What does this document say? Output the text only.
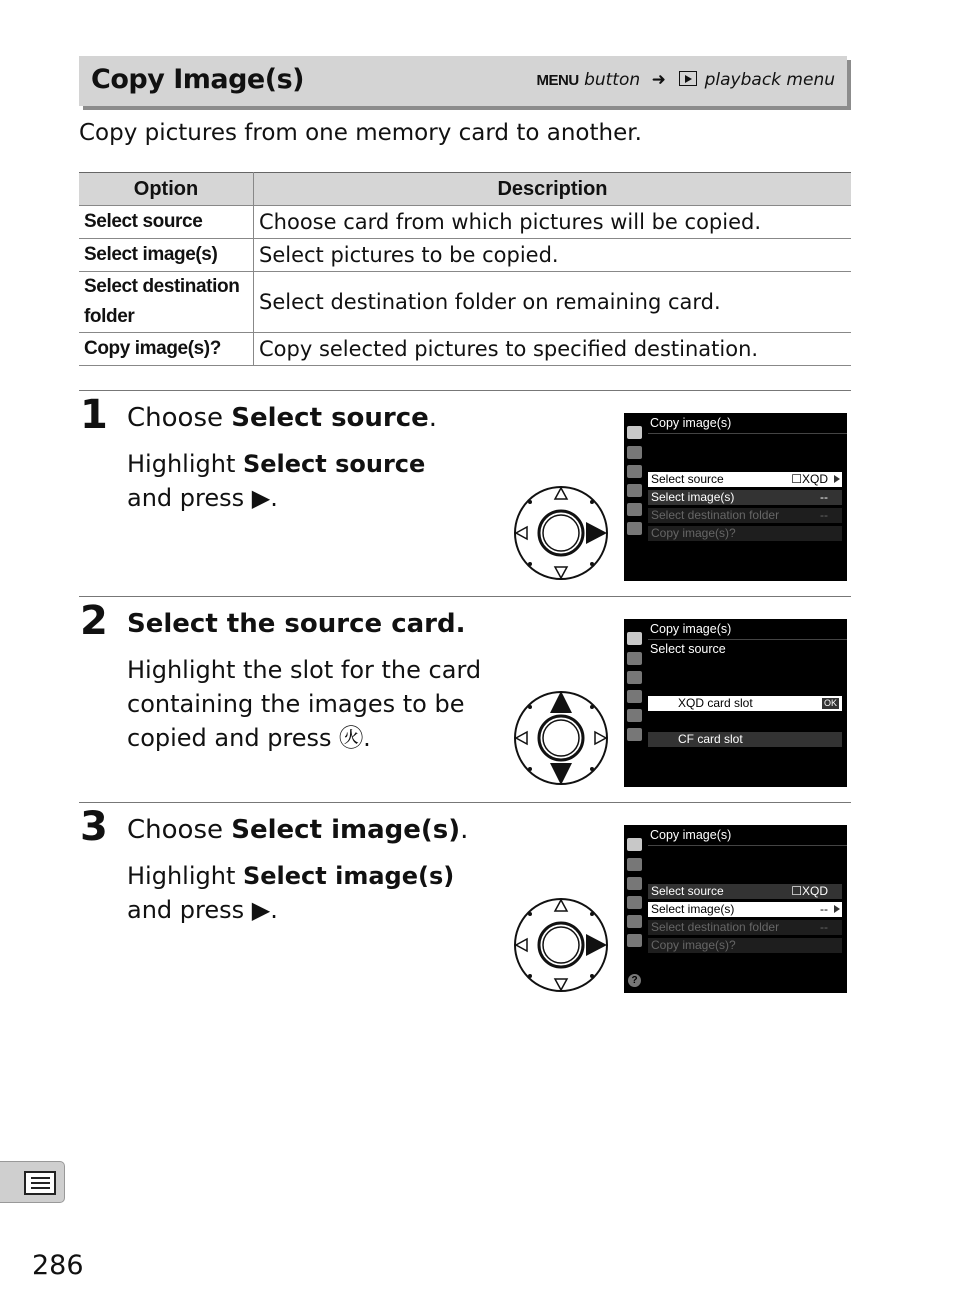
Copy Image(s)	MENU button ➜ playback menu
Copy pictures from one memory card to another.
Option	Description
Select source	Choose card from which pictures will be copied.
Select image(s)	Select pictures to be copied.
Select destination folder	Select destination folder on remaining card.
Copy image(s)?	Copy selected pictures to specified destination.
1 Choose Select source.
Highlight Select source and press ▶.
Copy image(s)
Select source	☐XQD
Select image(s)	--
Select destination folder	--
Copy image(s)?
2 Select the source card.
Highlight the slot for the card containing the images to be copied and press ㊋.
Copy image(s)
Select source
XQD card slot	OK
CF card slot
3 Choose Select image(s).
Highlight Select image(s) and press ▶.
?
Copy image(s)
Select source	☐XQD
Select image(s)	--
Select destination folder	--
Copy image(s)?
286
